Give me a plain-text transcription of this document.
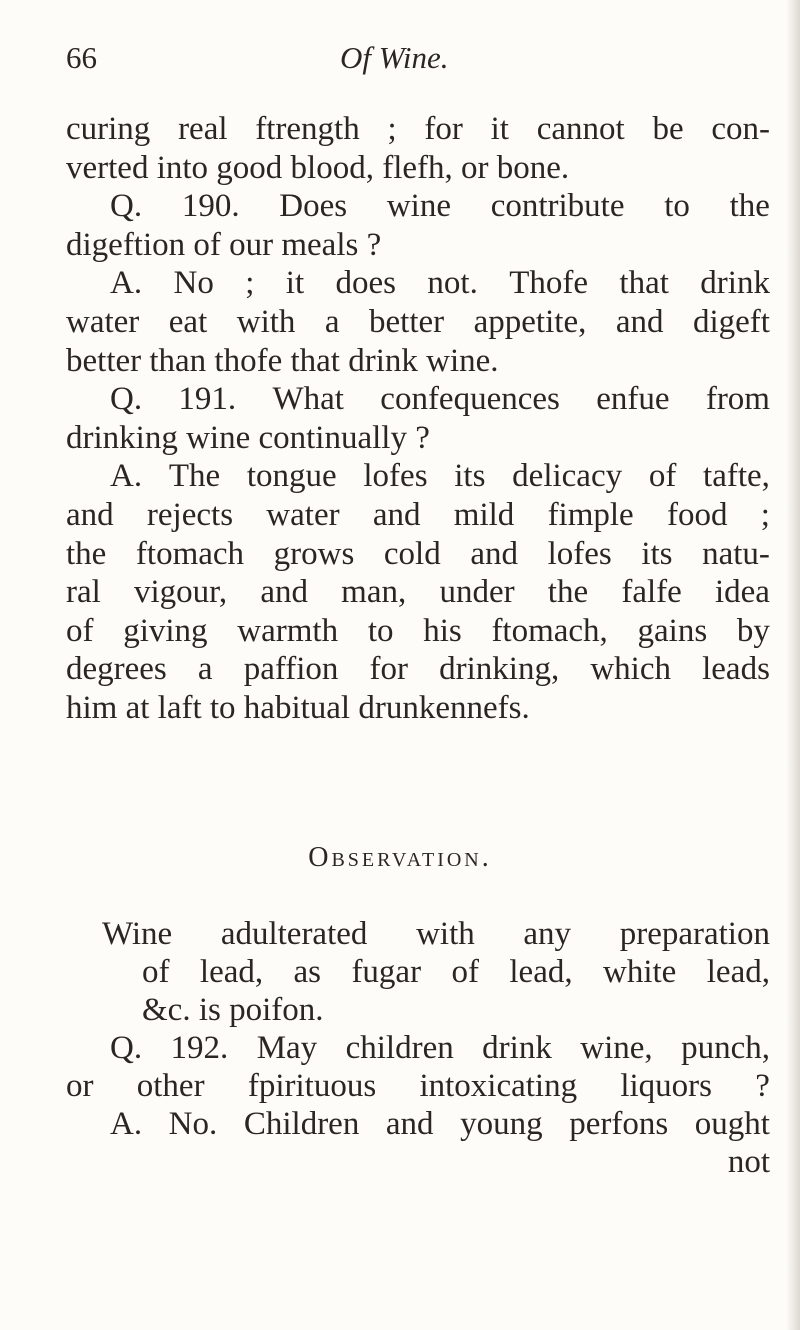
66	Of Wine.
curing real ftrength ; for it cannot be con-
verted into good blood, flefh, or bone.
Q. 190. Does wine contribute to the
digeftion of our meals ?
A. No ; it does not. Thofe that drink
water eat with a better appetite, and digeft
better than thofe that drink wine.
Q. 191. What confequences enfue from
drinking wine continually ?
A. The tongue lofes its delicacy of tafte,
and rejects water and mild fimple food ;
the ftomach grows cold and lofes its natu-
ral vigour, and man, under the falfe idea
of giving warmth to his ftomach, gains by
degrees a paffion for drinking, which leads
him at laft to habitual drunkennefs.
Observation.
Wine adulterated with any preparation
of lead, as fugar of lead, white lead,
&c. is poifon.
Q. 192. May children drink wine, punch,
or other fpirituous intoxicating liquors ?
A. No. Children and young perfons ought
not
